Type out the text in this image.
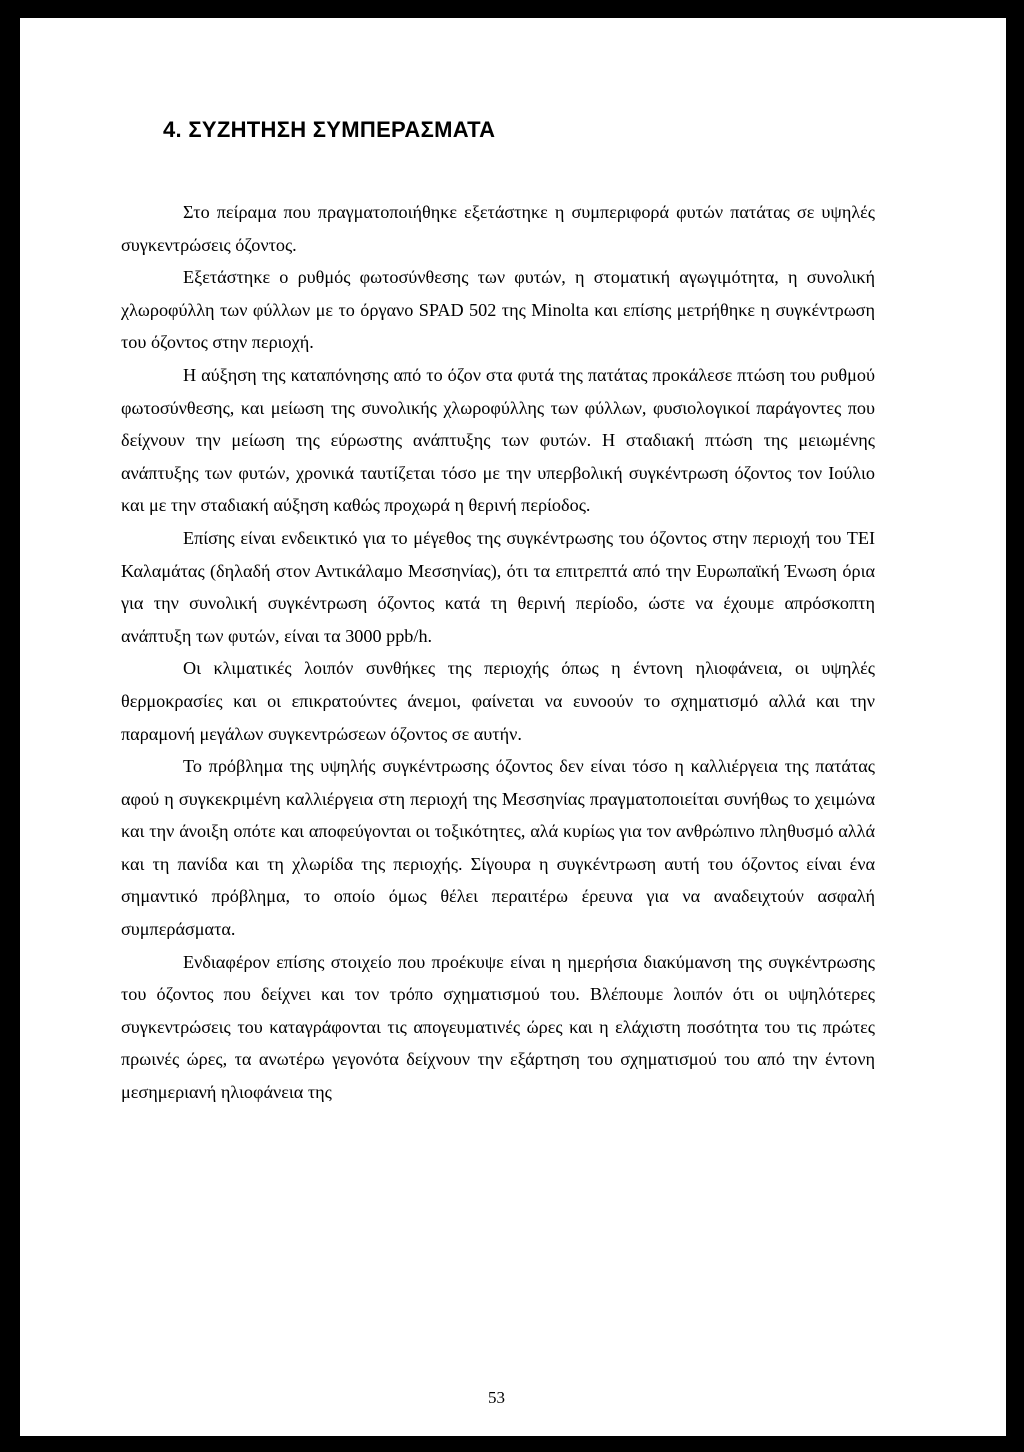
4. ΣΥΖΗΤΗΣΗ ΣΥΜΠΕΡΑΣΜΑΤΑ

Στο πείραμα που πραγματοποιήθηκε εξετάστηκε η συμπεριφορά φυτών πατάτας σε υψηλές συγκεντρώσεις όζοντος.

Εξετάστηκε ο ρυθμός φωτοσύνθεσης των φυτών, η στοματική αγωγιμότητα, η συνολική χλωροφύλλη των φύλλων με το όργανο SPAD 502 της Minolta και επίσης μετρήθηκε η συγκέντρωση του όζοντος στην περιοχή.

Η αύξηση της καταπόνησης από το όζον στα φυτά της πατάτας προκάλεσε πτώση του ρυθμού φωτοσύνθεσης, και μείωση της συνολικής χλωροφύλλης των φύλλων, φυσιολογικοί παράγοντες που δείχνουν την μείωση της εύρωστης ανάπτυξης των φυτών. Η σταδιακή πτώση της μειωμένης ανάπτυξης των φυτών, χρονικά ταυτίζεται τόσο με την υπερβολική συγκέντρωση όζοντος τον Ιούλιο και με την σταδιακή αύξηση καθώς προχωρά η θερινή περίοδος.

Επίσης είναι ενδεικτικό για το μέγεθος της συγκέντρωσης του όζοντος στην περιοχή του ΤΕΙ Καλαμάτας (δηλαδή στον Αντικάλαμο Μεσσηνίας), ότι τα επιτρεπτά από την Ευρωπαϊκή Ένωση όρια για την συνολική συγκέντρωση όζοντος κατά τη θερινή περίοδο, ώστε να έχουμε απρόσκοπτη ανάπτυξη των φυτών, είναι τα 3000 ppb/h.

Οι κλιματικές λοιπόν συνθήκες της περιοχής όπως η έντονη ηλιοφάνεια, οι υψηλές θερμοκρασίες και οι επικρατούντες άνεμοι, φαίνεται να ευνοούν το σχηματισμό αλλά και την παραμονή μεγάλων συγκεντρώσεων όζοντος σε αυτήν.

Το πρόβλημα της υψηλής συγκέντρωσης όζοντος δεν είναι τόσο η καλλιέργεια της πατάτας αφού η συγκεκριμένη καλλιέργεια στη περιοχή της Μεσσηνίας πραγματοποιείται συνήθως το χειμώνα και την άνοιξη οπότε και αποφεύγονται οι τοξικότητες, αλά κυρίως για τον ανθρώπινο πληθυσμό αλλά και τη πανίδα και τη χλωρίδα της περιοχής. Σίγουρα η συγκέντρωση αυτή του όζοντος είναι ένα σημαντικό πρόβλημα, το οποίο όμως θέλει περαιτέρω έρευνα για να αναδειχτούν ασφαλή συμπεράσματα.

Ενδιαφέρον επίσης στοιχείο που προέκυψε είναι η ημερήσια διακύμανση της συγκέντρωσης του όζοντος που δείχνει και τον τρόπο σχηματισμού του. Βλέπουμε λοιπόν ότι οι υψηλότερες συγκεντρώσεις του καταγράφονται τις απογευματινές ώρες και η ελάχιστη ποσότητα του τις πρώτες πρωινές ώρες, τα ανωτέρω γεγονότα δείχνουν την εξάρτηση του σχηματισμού του από την έντονη μεσημεριανή ηλιοφάνεια της

53
